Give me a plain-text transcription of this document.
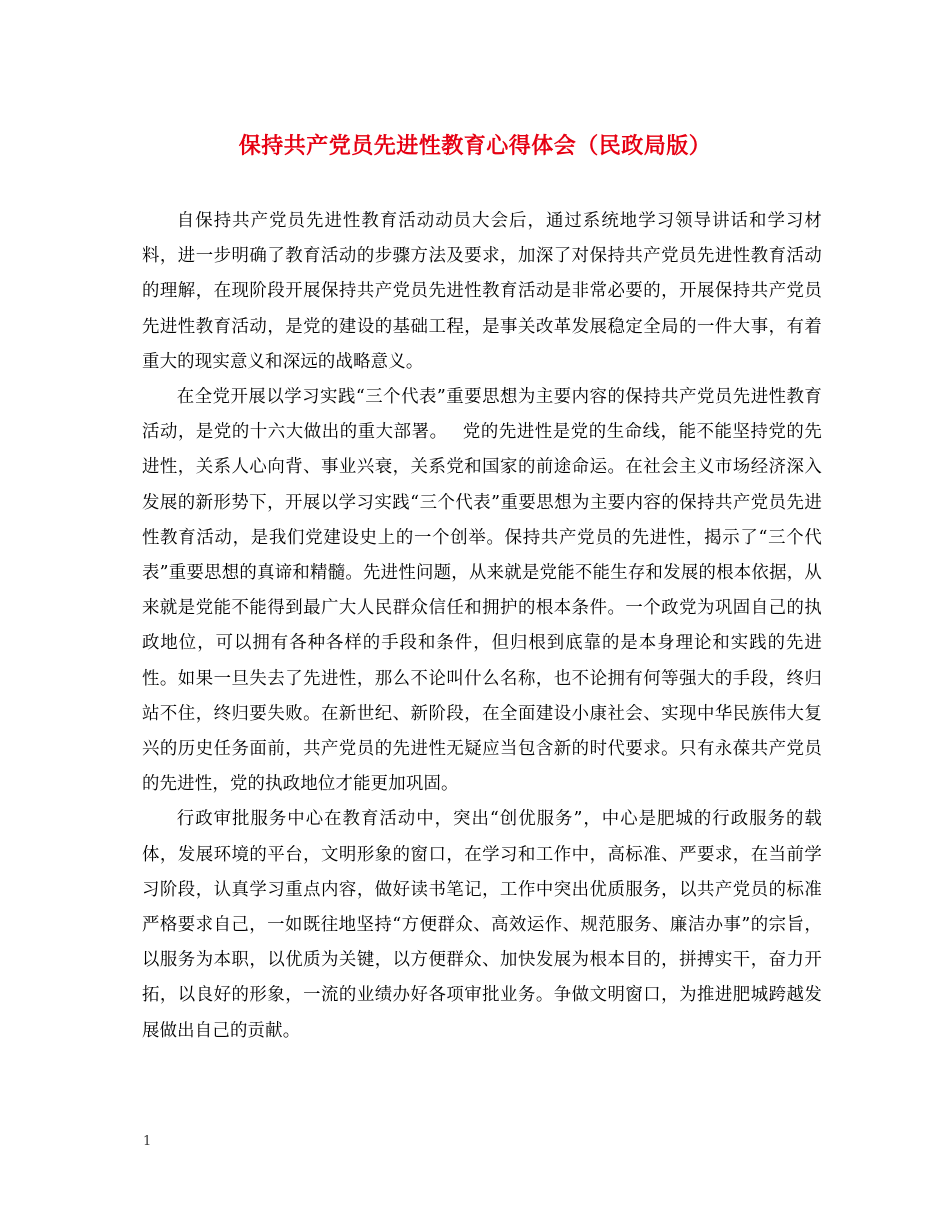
保持共产党员先进性教育心得体会（民政局版）

自保持共产党员先进性教育活动动员大会后，通过系统地学习领导讲话和学习材料，进一步明确了教育活动的步骤方法及要求，加深了对保持共产党员先进性教育活动的理解，在现阶段开展保持共产党员先进性教育活动是非常必要的，开展保持共产党员先进性教育活动，是党的建设的基础工程，是事关改革发展稳定全局的一件大事，有着重大的现实意义和深远的战略意义。

在全党开展以学习实践“三个代表”重要思想为主要内容的保持共产党员先进性教育活动，是党的十六大做出的重大部署。　 党的先进性是党的生命线，能不能坚持党的先进性，关系人心向背、事业兴衰，关系党和国家的前途命运。在社会主义市场经济深入发展的新形势下，开展以学习实践“三个代表”重要思想为主要内容的保持共产党员先进性教育活动，是我们党建设史上的一个创举。保持共产党员的先进性，揭示了“三个代表”重要思想的真谛和精髓。先进性问题，从来就是党能不能生存和发展的根本依据，从来就是党能不能得到最广大人民群众信任和拥护的根本条件。一个政党为巩固自己的执政地位，可以拥有各种各样的手段和条件，但归根到底靠的是本身理论和实践的先进性。如果一旦失去了先进性，那么不论叫什么名称，也不论拥有何等强大的手段，终归站不住，终归要失败。在新世纪、新阶段，在全面建设小康社会、实现中华民族伟大复兴的历史任务面前，共产党员的先进性无疑应当包含新的时代要求。只有永葆共产党员的先进性，党的执政地位才能更加巩固。

行政审批服务中心在教育活动中，突出“创优服务”，中心是肥城的行政服务的载体，发展环境的平台，文明形象的窗口，在学习和工作中，高标准、严要求，在当前学习阶段，认真学习重点内容，做好读书笔记，工作中突出优质服务，以共产党员的标准严格要求自己，一如既往地坚持“方便群众、高效运作、规范服务、廉洁办事”的宗旨，以服务为本职，以优质为关键，以方便群众、加快发展为根本目的，拼搏实干，奋力开拓，以良好的形象，一流的业绩办好各项审批业务。争做文明窗口，为推进肥城跨越发展做出自己的贡献。

1
